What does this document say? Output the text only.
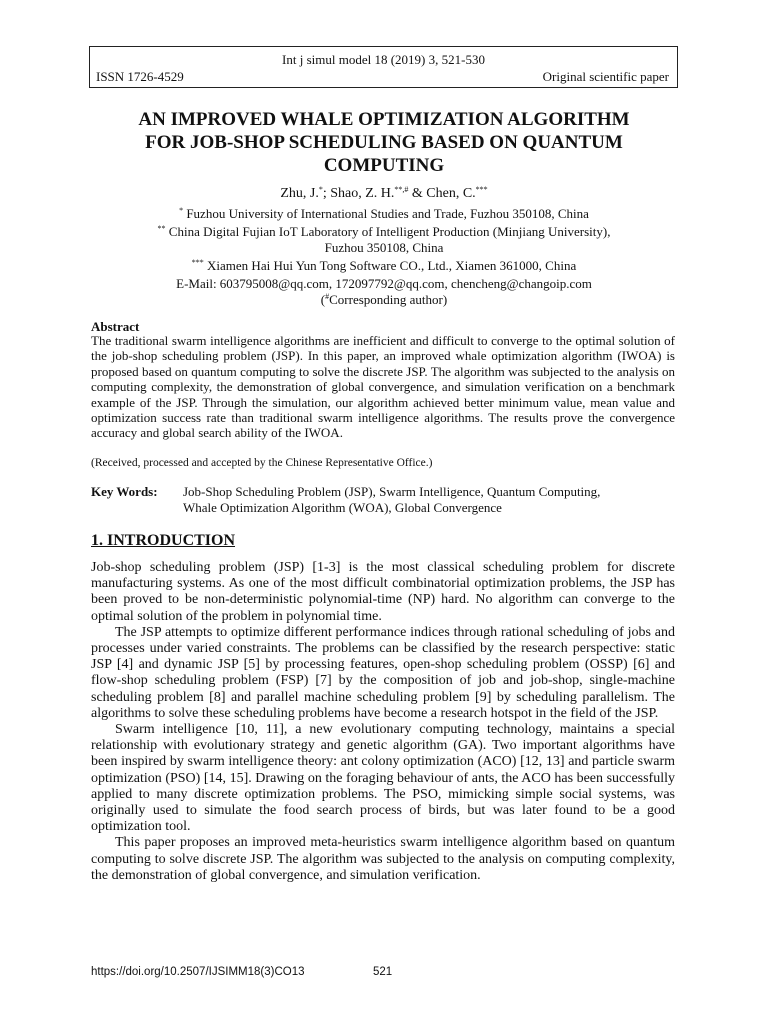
Int j simul model 18 (2019) 3, 521-530
ISSN 1726-4529	Original scientific paper
AN IMPROVED WHALE OPTIMIZATION ALGORITHM
FOR JOB-SHOP SCHEDULING BASED ON QUANTUM
COMPUTING
Zhu, J.*; Shao, Z. H.**,# & Chen, C.***
* Fuzhou University of International Studies and Trade, Fuzhou 350108, China
** China Digital Fujian IoT Laboratory of Intelligent Production (Minjiang University),
Fuzhou 350108, China
*** Xiamen Hai Hui Yun Tong Software CO., Ltd., Xiamen 361000, China
E-Mail: 603795008@qq.com, 172097792@qq.com, chencheng@changoip.com
(#Corresponding author)
Abstract
The traditional swarm intelligence algorithms are inefficient and difficult to converge to the optimal solution of the job-shop scheduling problem (JSP). In this paper, an improved whale optimization algorithm (IWOA) is proposed based on quantum computing to solve the discrete JSP. The algorithm was subjected to the analysis on computing complexity, the demonstration of global convergence, and simulation verification on a benchmark example of the JSP. Through the simulation, our algorithm achieved better minimum value, mean value and optimization success rate than traditional swarm intelligence algorithms. The results prove the convergence accuracy and global search ability of the IWOA.
(Received, processed and accepted by the Chinese Representative Office.)
Key Words: Job-Shop Scheduling Problem (JSP), Swarm Intelligence, Quantum Computing,
Whale Optimization Algorithm (WOA), Global Convergence
1. INTRODUCTION

Job-shop scheduling problem (JSP) [1-3] is the most classical scheduling problem for discrete manufacturing systems. As one of the most difficult combinatorial optimization problems, the JSP has been proved to be non-deterministic polynomial-time (NP) hard. No algorithm can converge to the optimal solution of the problem in polynomial time.

The JSP attempts to optimize different performance indices through rational scheduling of jobs and processes under varied constraints. The problems can be classified by the research perspective: static JSP [4] and dynamic JSP [5] by processing features, open-shop scheduling problem (OSSP) [6] and flow-shop scheduling problem (FSP) [7] by the composition of job and job-shop, single-machine scheduling problem [8] and parallel machine scheduling problem [9] by scheduling parallelism. The algorithms to solve these scheduling problems have become a research hotspot in the field of the JSP.

Swarm intelligence [10, 11], a new evolutionary computing technology, maintains a special relationship with evolutionary strategy and genetic algorithm (GA). Two important algorithms have been inspired by swarm intelligence theory: ant colony optimization (ACO) [12, 13] and particle swarm optimization (PSO) [14, 15]. Drawing on the foraging behaviour of ants, the ACO has been successfully applied to many discrete optimization problems. The PSO, mimicking simple social systems, was originally used to simulate the food search process of birds, but was later found to be a good optimization tool.

This paper proposes an improved meta-heuristics swarm intelligence algorithm based on quantum computing to solve discrete JSP. The algorithm was subjected to the analysis on computing complexity, the demonstration of global convergence, and simulation verification.

https://doi.org/10.2507/IJSIMM18(3)CO13	521
